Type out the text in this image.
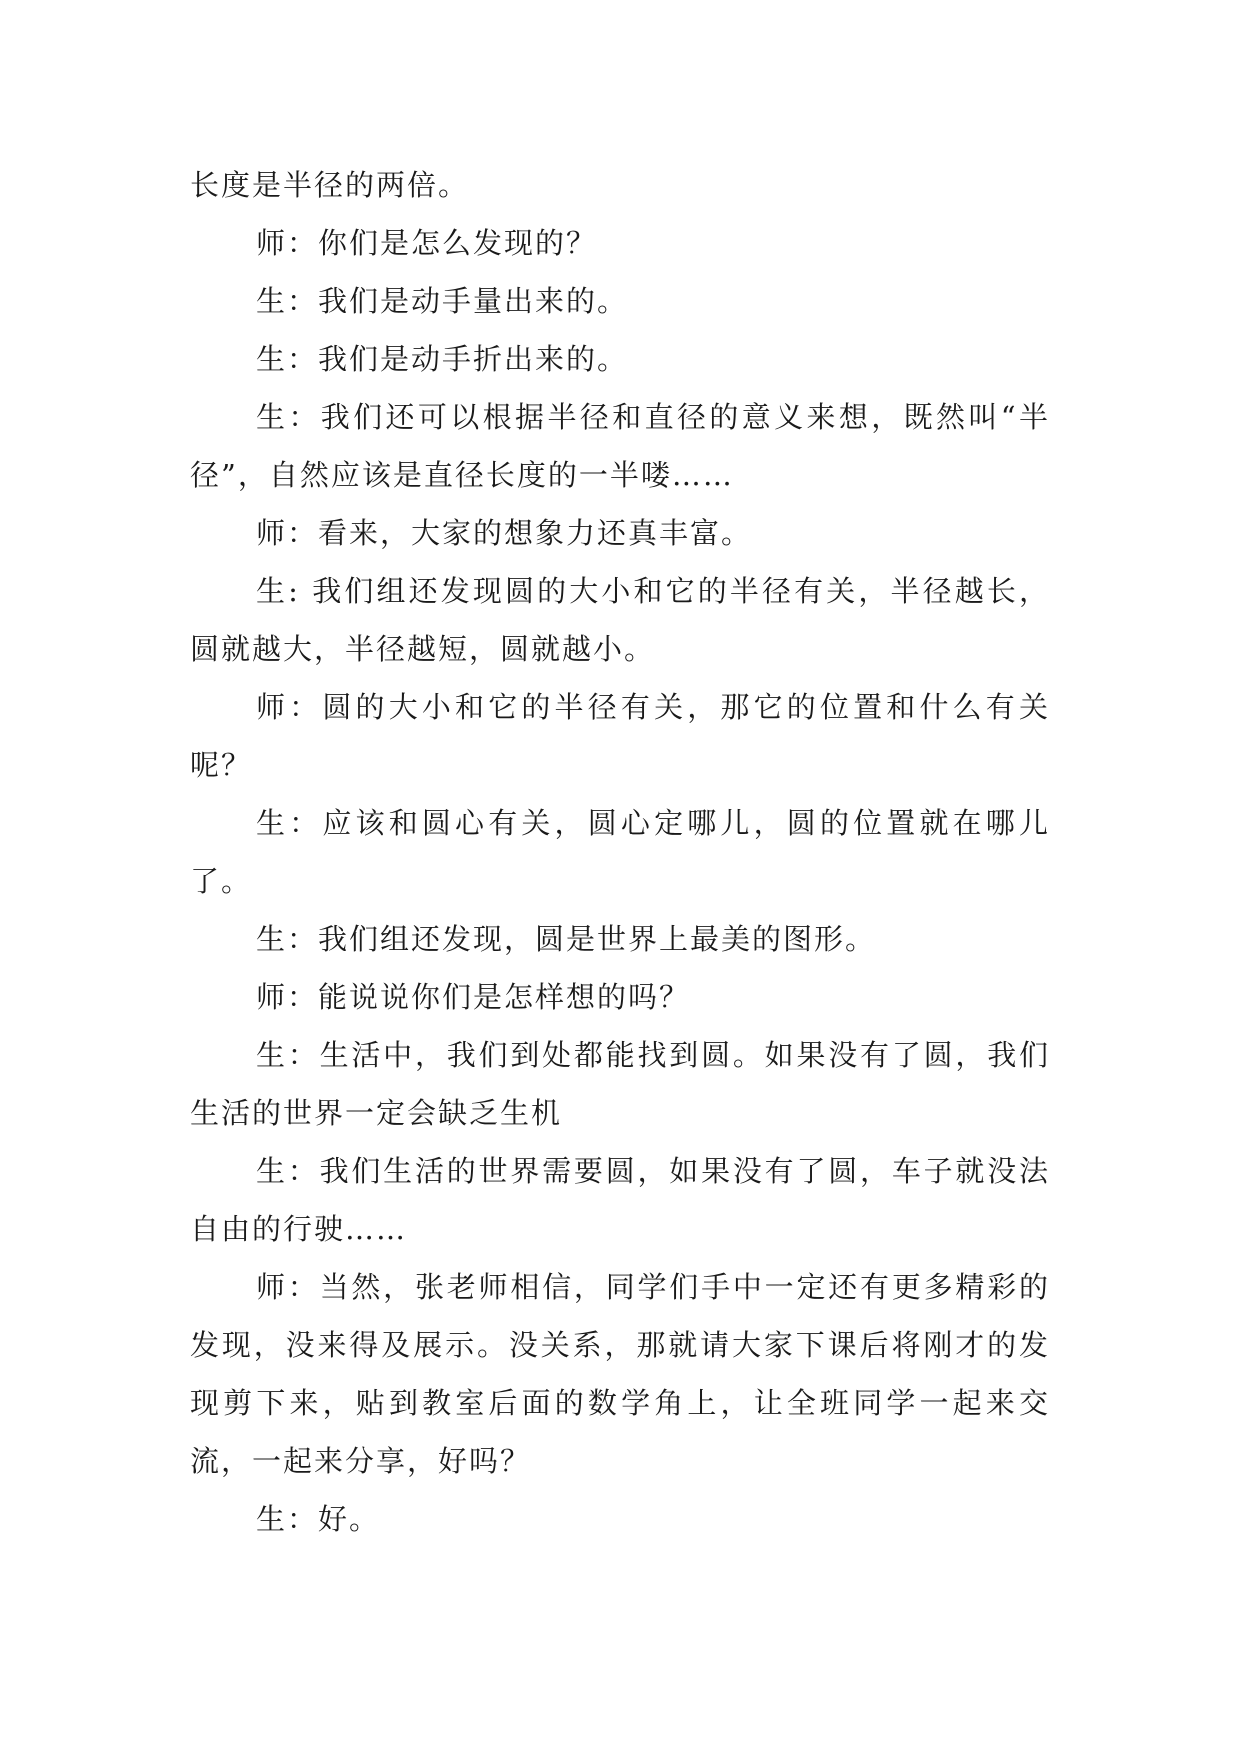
长度是半径的两倍。

师：你们是怎么发现的？

生：我们是动手量出来的。

生：我们是动手折出来的。

生：我们还可以根据半径和直径的意义来想，既然叫“半径”，自然应该是直径长度的一半喽……

师：看来，大家的想象力还真丰富。

生: 我们组还发现圆的大小和它的半径有关，半径越长，圆就越大，半径越短，圆就越小。

师：圆的大小和它的半径有关，那它的位置和什么有关呢？

生：应该和圆心有关，圆心定哪儿，圆的位置就在哪儿了。

生：我们组还发现，圆是世界上最美的图形。

师：能说说你们是怎样想的吗？

生：生活中，我们到处都能找到圆。如果没有了圆，我们生活的世界一定会缺乏生机

生：我们生活的世界需要圆，如果没有了圆，车子就没法自由的行驶……

师：当然，张老师相信，同学们手中一定还有更多精彩的发现，没来得及展示。没关系，那就请大家下课后将刚才的发现剪下来，贴到教室后面的数学角上，让全班同学一起来交流，一起来分享，好吗？

生：好。
